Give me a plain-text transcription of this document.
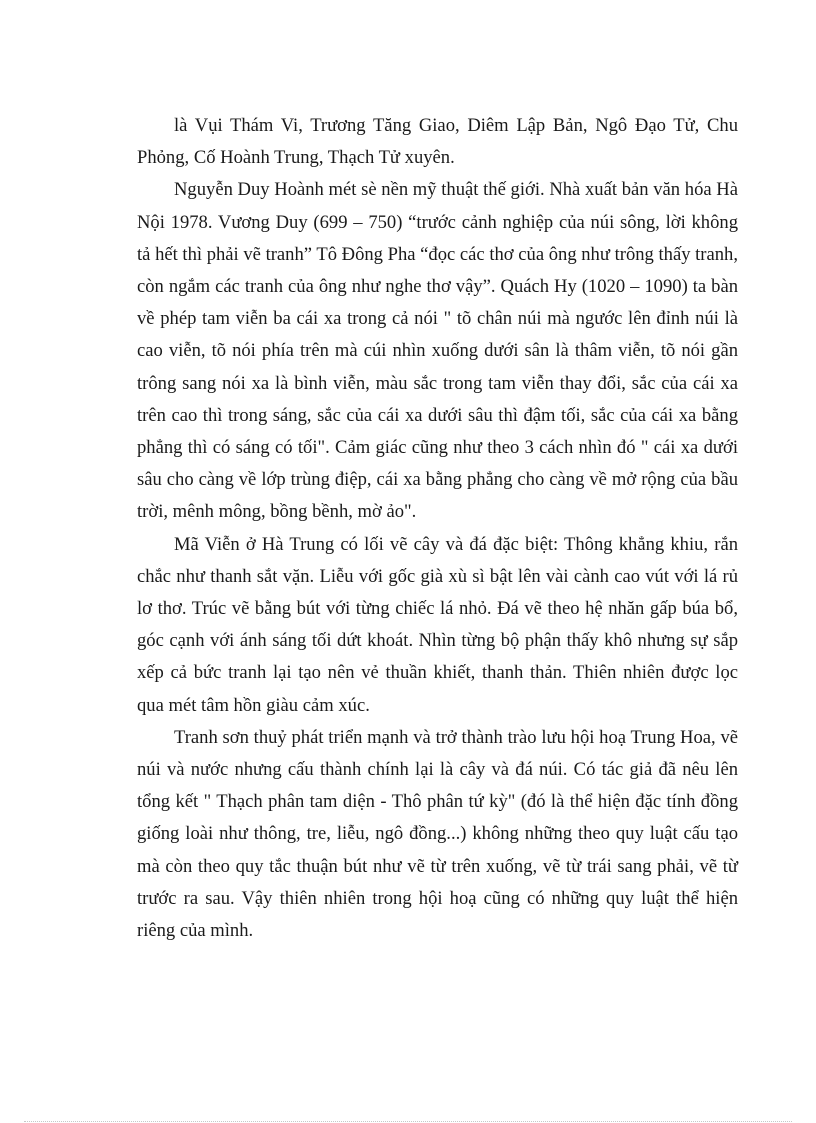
là Vụi Thám Vi, Trương Tăng Giao, Diêm Lập Bản, Ngô Đạo Tử, Chu Phỏng, Cố Hoành Trung, Thạch Tử xuyên.

Nguyễn Duy Hoành mét sè nền mỹ thuật thế giới. Nhà xuất bản văn hóa Hà Nội 1978. Vương Duy (699 – 750) “trước cảnh nghiệp của núi sông, lời không tả hết thì phải vẽ tranh” Tô Đông Pha “đọc các thơ của ông như trông thấy tranh, còn ngắm các tranh của ông như nghe thơ vậy”. Quách Hy (1020 – 1090) ta bàn về phép tam viễn ba cái xa trong cả nói " tõ chân núi mà ngước lên đỉnh núi là cao viễn, tõ nói phía trên mà cúi nhìn xuống dưới sân là thâm viễn, tõ nói gần trông sang nói xa là bình viễn, màu sắc trong tam viễn thay đổi, sắc của cái xa trên cao thì trong sáng, sắc của cái xa dưới sâu thì đậm tối, sắc của cái xa bằng phẳng thì có sáng có tối". Cảm giác cũng như theo 3 cách nhìn đó " cái xa dưới sâu cho càng về lớp trùng điệp, cái xa bằng phẳng cho càng về mở rộng của bầu trời, mênh mông, bồng bềnh, mờ ảo".

Mã Viễn ở Hà Trung có lối vẽ cây và đá đặc biệt: Thông khẳng khiu, rắn chắc như thanh sắt vặn. Liễu với gốc già xù sì bật lên vài cành cao vút với lá rủ lơ thơ. Trúc vẽ bằng bút với từng chiếc lá nhỏ. Đá vẽ theo hệ nhăn gấp búa bổ, góc cạnh với ánh sáng tối dứt khoát. Nhìn từng bộ phận thấy khô nhưng sự sắp xếp cả bức tranh lại tạo nên vẻ thuần khiết, thanh thản. Thiên nhiên được lọc qua mét tâm hồn giàu cảm xúc.

Tranh sơn thuỷ phát triển mạnh và trở thành trào lưu hội hoạ Trung Hoa, vẽ núi và nước nhưng cấu thành chính lại là cây và đá núi. Có tác giả đã nêu lên tổng kết " Thạch phân tam diện - Thô phân tứ kỳ" (đó là thể hiện đặc tính đồng giống loài như thông, tre, liễu, ngô đồng...) không những theo quy luật cấu tạo mà còn theo quy tắc thuận bút như vẽ từ trên xuống, vẽ từ trái sang phải, vẽ từ trước ra sau. Vậy thiên nhiên trong hội hoạ cũng có những quy luật thể hiện riêng của mình.
